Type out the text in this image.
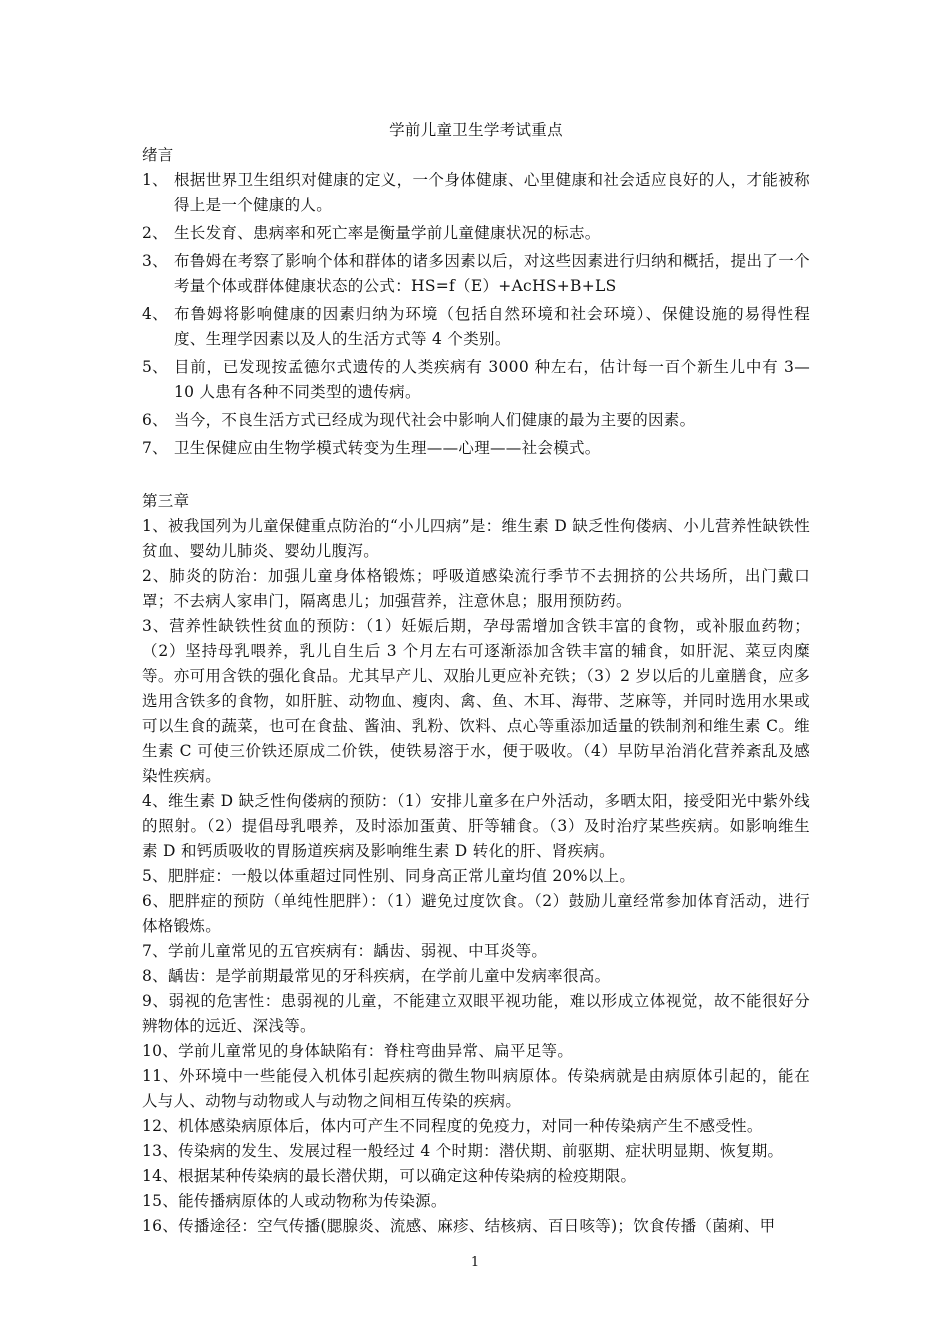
学前儿童卫生学考试重点

绪言

1、 根据世界卫生组织对健康的定义，一个身体健康、心里健康和社会适应良好的人，才能被称得上是一个健康的人。
2、 生长发育、患病率和死亡率是衡量学前儿童健康状况的标志。
3、 布鲁姆在考察了影响个体和群体的诸多因素以后，对这些因素进行归纳和概括，提出了一个考量个体或群体健康状态的公式：HS=f（E）+AcHS+B+LS
4、 布鲁姆将影响健康的因素归纳为环境（包括自然环境和社会环境）、保健设施的易得性程度、生理学因素以及人的生活方式等 4 个类别。
5、 目前，已发现按孟德尔式遗传的人类疾病有 3000 种左右，估计每一百个新生儿中有 3—10 人患有各种不同类型的遗传病。
6、 当今，不良生活方式已经成为现代社会中影响人们健康的最为主要的因素。
7、 卫生保健应由生物学模式转变为生理——心理——社会模式。

第三章

1、被我国列为儿童保健重点防治的“小儿四病”是：维生素 D 缺乏性佝偻病、小儿营养性缺铁性贫血、婴幼儿肺炎、婴幼儿腹泻。

2、肺炎的防治：加强儿童身体格锻炼；呼吸道感染流行季节不去拥挤的公共场所，出门戴口罩；不去病人家串门，隔离患儿；加强营养，注意休息；服用预防药。

3、营养性缺铁性贫血的预防：（1）妊娠后期，孕母需增加含铁丰富的食物，或补服血药物；（2）坚持母乳喂养，乳儿自生后 3 个月左右可逐渐添加含铁丰富的辅食，如肝泥、菜豆肉糜等。亦可用含铁的强化食品。尤其早产儿、双胎儿更应补充铁；（3）2 岁以后的儿童膳食，应多选用含铁多的食物，如肝脏、动物血、瘦肉、禽、鱼、木耳、海带、芝麻等，并同时选用水果或可以生食的蔬菜，也可在食盐、酱油、乳粉、饮料、点心等重添加适量的铁制剂和维生素 C。维生素 C 可使三价铁还原成二价铁，使铁易溶于水，便于吸收。（4）早防早治消化营养紊乱及感染性疾病。

4、维生素 D 缺乏性佝偻病的预防：（1）安排儿童多在户外活动，多晒太阳，接受阳光中紫外线的照射。（2）提倡母乳喂养，及时添加蛋黄、肝等辅食。（3）及时治疗某些疾病。如影响维生素 D 和钙质吸收的胃肠道疾病及影响维生素 D 转化的肝、肾疾病。

5、肥胖症：一般以体重超过同性别、同身高正常儿童均值 20%以上。

6、肥胖症的预防（单纯性肥胖）：（1）避免过度饮食。（2）鼓励儿童经常参加体育活动，进行体格锻炼。

7、学前儿童常见的五官疾病有：龋齿、弱视、中耳炎等。

8、龋齿：是学前期最常见的牙科疾病，在学前儿童中发病率很高。

9、弱视的危害性：患弱视的儿童，不能建立双眼平视功能，难以形成立体视觉，故不能很好分辨物体的远近、深浅等。

10、学前儿童常见的身体缺陷有：脊柱弯曲异常、扁平足等。

11、外环境中一些能侵入机体引起疾病的微生物叫病原体。传染病就是由病原体引起的，能在人与人、动物与动物或人与动物之间相互传染的疾病。

12、机体感染病原体后，体内可产生不同程度的免疫力，对同一种传染病产生不感受性。

13、传染病的发生、发展过程一般经过 4 个时期：潜伏期、前驱期、症状明显期、恢复期。

14、根据某种传染病的最长潜伏期，可以确定这种传染病的检疫期限。

15、能传播病原体的人或动物称为传染源。

16、传播途径：空气传播(腮腺炎、流感、麻疹、结核病、百日咳等)；饮食传播（菌痢、甲

1
